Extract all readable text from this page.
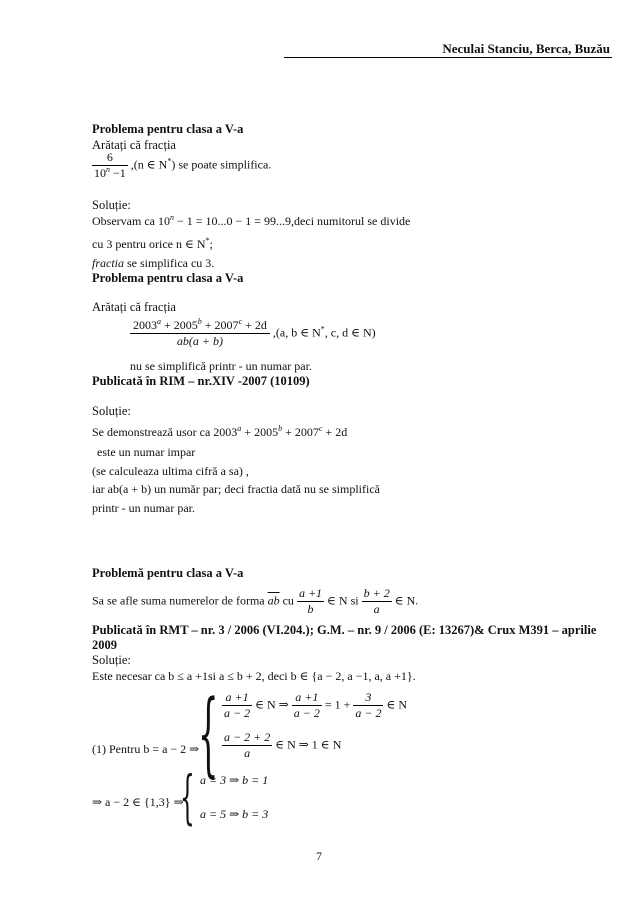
Neculai Stanciu, Berca, Buzău
Problema pentru clasa a V-a
Arătați că fracția
$\frac{6}{10^n -1} ,(n$ ∈ N*) se poate simplifica.
Soluție:
Observam ca $10^n - 1 = 10...0 - 1$ = 99...9,deci numitorul se divide
cu 3 pentru orice n ∈ N*;
fractia se simplifica cu 3.
Problema pentru clasa a V-a
Arătați că fracția
$\frac{2003^a + 2005^b + 2007^c + 2d}{ab(a + b)} ,(a$, b ∈ N*, c, d ∈ N)
nu se simplifică printr - un numar par.
Publicată în RIM – nr.XIV -2007 (10109)
Soluție:
Se demonstrează usor ca $2003^a + 2005^b + 2007^c + 2d$
este un numar impar
(se calculeaza ultima cifră a sa) ,
iar ab(a + b) un număr par; deci fractia dată nu se simplifică
printr - un numar par.
Problemă pentru clasa a V-a
Sa se afle suma numerelor de forma $\overline{ab}$ cu $\frac{a +1}{b}$ ∈ N si $\frac{b + 2}{a}$ ∈ N.
Publicată în RMT – nr. 3 / 2006 (VI.204.); G.M. – nr. 9 / 2006 (E: 13267)& Crux M391 – aprilie 2009
Soluție:
Este necesar ca b ≤ a +1si a ≤ b + 2, deci b ∈ {a − 2, a −1, a, a +1}.
(1) Pentru b = a − 2 ⇒
{ $\frac{a +1}{a - 2}$ ∈ N ⇒ $\frac{a +1}{a - 2} = 1 + \frac{3}{a - 2}$ ∈ N
$\frac{a - 2 + 2}{a}$ ∈ N ⇒ 1 ∈ N
⇒ a − 2 ∈ {1,3} ⇒
{ a = 3 ⇒ b = 1
a = 5 ⇒ b = 3
7
